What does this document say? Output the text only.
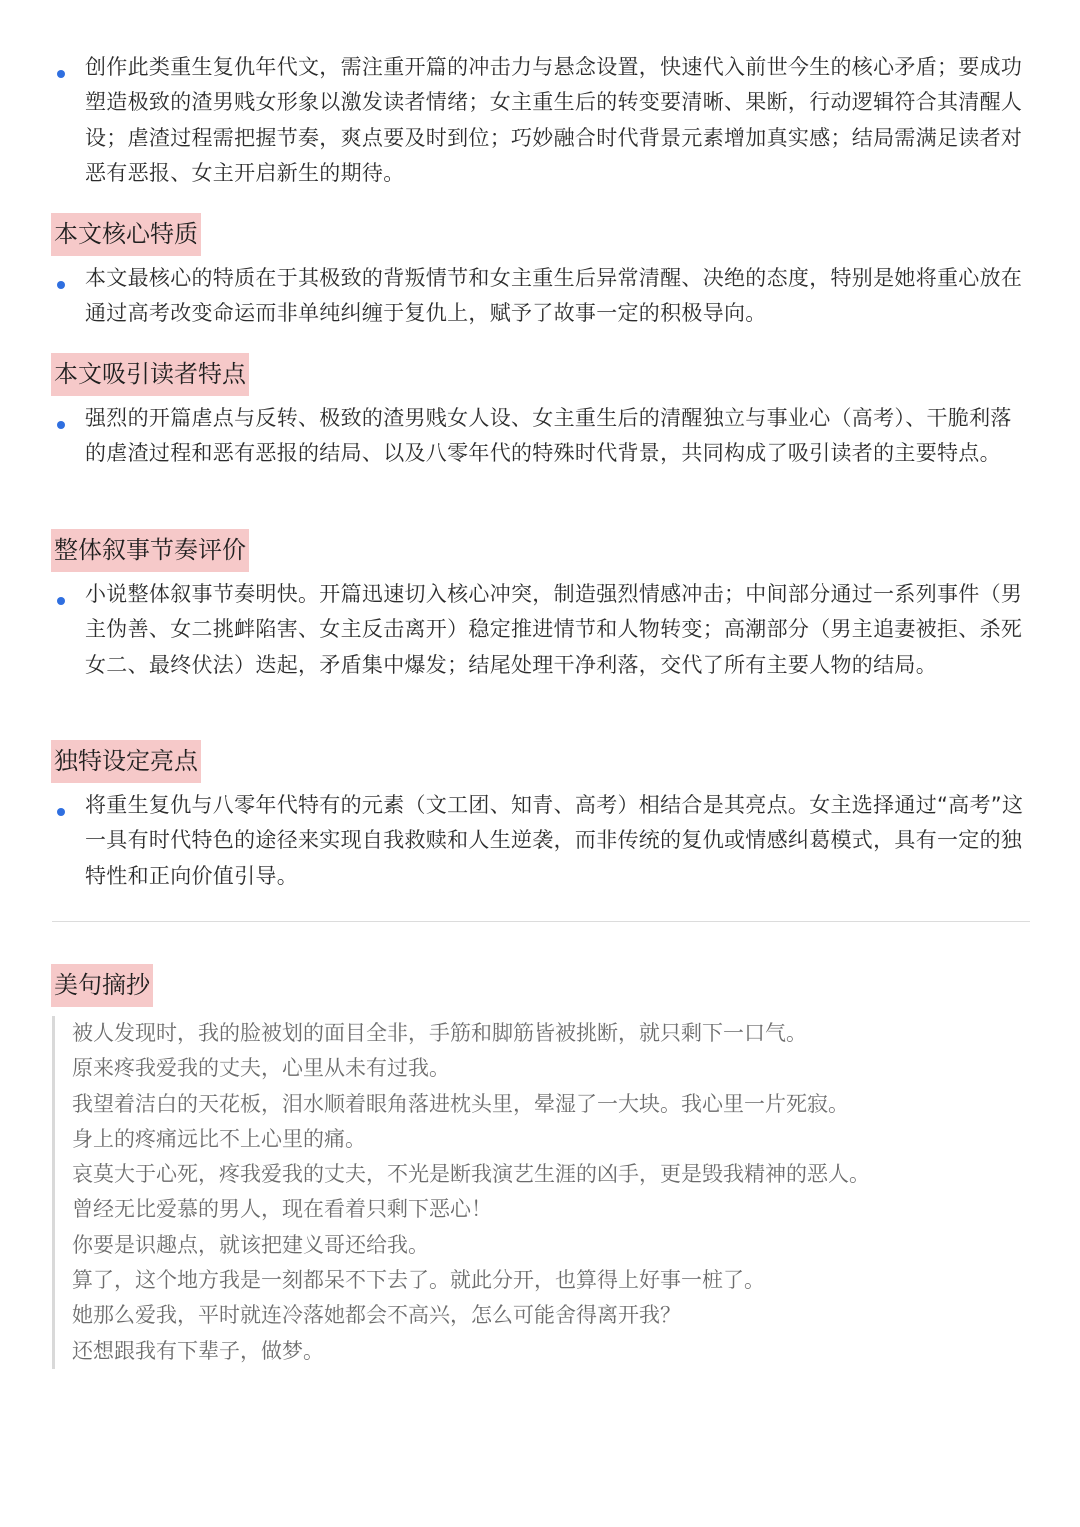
创作此类重生复仇年代文，需注重开篇的冲击力与悬念设置，快速代入前世今生的核心矛盾；要成功塑造极致的渣男贱女形象以激发读者情绪；女主重生后的转变要清晰、果断，行动逻辑符合其清醒人设；虐渣过程需把握节奏，爽点要及时到位；巧妙融合时代背景元素增加真实感；结局需满足读者对恶有恶报、女主开启新生的期待。
本文核心特质
本文最核心的特质在于其极致的背叛情节和女主重生后异常清醒、决绝的态度，特别是她将重心放在通过高考改变命运而非单纯纠缠于复仇上，赋予了故事一定的积极导向。
本文吸引读者特点
强烈的开篇虐点与反转、极致的渣男贱女人设、女主重生后的清醒独立与事业心（高考）、干脆利落的虐渣过程和恶有恶报的结局、以及八零年代的特殊时代背景，共同构成了吸引读者的主要特点。
整体叙事节奏评价
小说整体叙事节奏明快。开篇迅速切入核心冲突，制造强烈情感冲击；中间部分通过一系列事件（男主伪善、女二挑衅陷害、女主反击离开）稳定推进情节和人物转变；高潮部分（男主追妻被拒、杀死女二、最终伏法）迭起，矛盾集中爆发；结尾处理干净利落，交代了所有主要人物的结局。
独特设定亮点
将重生复仇与八零年代特有的元素（文工团、知青、高考）相结合是其亮点。女主选择通过“高考”这一具有时代特色的途径来实现自我救赎和人生逆袭，而非传统的复仇或情感纠葛模式，具有一定的独特性和正向价值引导。
美句摘抄
被人发现时，我的脸被划的面目全非，手筋和脚筋皆被挑断，就只剩下一口气。
原来疼我爱我的丈夫，心里从未有过我。
我望着洁白的天花板，泪水顺着眼角落进枕头里，晕湿了一大块。我心里一片死寂。
身上的疼痛远比不上心里的痛。
哀莫大于心死，疼我爱我的丈夫，不光是断我演艺生涯的凶手，更是毁我精神的恶人。
曾经无比爱慕的男人，现在看着只剩下恶心！
你要是识趣点，就该把建义哥还给我。
算了，这个地方我是一刻都呆不下去了。就此分开，也算得上好事一桩了。
她那么爱我，平时就连冷落她都会不高兴，怎么可能舍得离开我？
还想跟我有下辈子，做梦。
